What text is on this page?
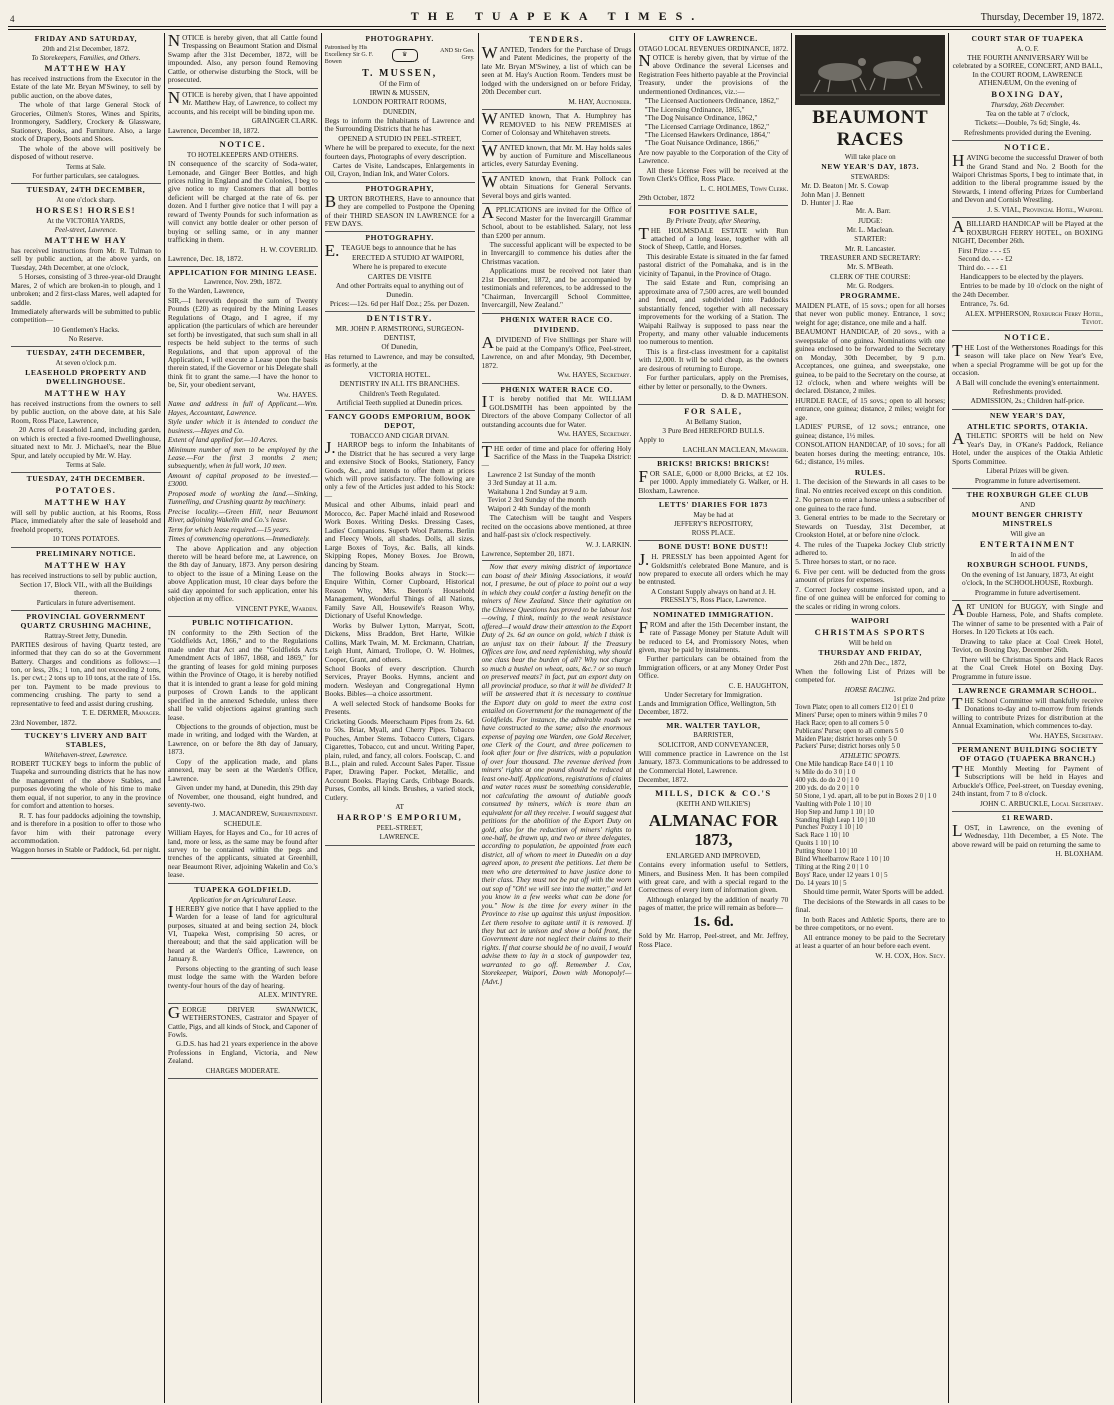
4	THE TUAPEKA TIMES.	Thursday, December 19, 1872.
FRIDAY AND SATURDAY,
20th and 21st December, 1872.
To Storekeepers, Families, and Others.
MATTHEW HAY

has received instructions from the Executor in the Estate of the late Mr. Bryan M'Swiney, to sell by public auction, on the above dates,

The whole of that large General Stock of Groceries, Oilmen's Stores, Wines and Spirits, Ironmongery, Saddlery, Crockery & Glassware, Stationery, Books, and Furniture. Also, a large stock of Drapery, Boots and Shoes.

The whole of the above will positively be disposed of without reserve.

Terms at Sale.
For further particulars, see catalogues.
TUESDAY, 24TH DECEMBER,
At one o'clock sharp.
HORSES! HORSES!
At the VICTORIA YARDS,
Peel-street, Lawrence.
MATTHEW HAY

has received instructions from Mr. R. Tulman to sell by public auction, at the above yards, on Tuesday, 24th December, at one o'clock,

5 Horses, consisting of 3 three-year-old Draught Mares, 2 of which are broken-in to plough, and 1 unbroken; and 2 first-class Mares, well adapted for saddle.

Immediately afterwards will be submitted to public competition—

10 Gentlemen's Hacks.

No Reserve.
TUESDAY, 24TH DECEMBER,
At seven o'clock p.m.
LEASEHOLD PROPERTY AND DWELLINGHOUSE.
MATTHEW HAY

has received instructions from the owners to sell by public auction, on the above date, at his Sale Room, Ross Place, Lawrence,

20 Acres of Leasehold Land, including garden, on which is erected a five-roomed Dwellinghouse, situated next to Mr. J. Michael's, near the Blue Spur, and lately occupied by Mr. W. Hay.

Terms at Sale.
TUESDAY, 24TH DECEMBER.
POTATOES.
MATTHEW HAY

will sell by public auction, at his Rooms, Ross Place, immediately after the sale of leasehold and freehold property,

10 TONS POTATOES.

PRELIMINARY NOTICE.
MATTHEW HAY

has received instructions to sell by public auction,

Section 17, Block VII., with all the Buildings thereon.

Particulars in future advertisement.
PROVINCIAL GOVERNMENT QUARTZ CRUSHING MACHINE,
Rattray-Street Jetty, Dunedin.

PARTIES desirous of having Quartz tested, are informed that they can do so at the Government Battery. Charges and conditions as follows:—1 ton, or less, 20s.; 1 ton, and not exceeding 2 tons, 1s. per cwt.; 2 tons up to 10 tons, at the rate of 15s. per ton. Payment to be made previous to commencing crushing. The party to send a representative to feed and assist during crushing.

T. E. DERMER, Manager.
23rd November, 1872.
TUCKEY'S LIVERY AND BAIT STABLES,
Whitehaven-street, Lawrence.

ROBERT TUCKEY begs to inform the public of Tuapeka and surrounding districts that he has now the management of the above Stables, and purposes devoting the whole of his time to make them equal, if not superior, to any in the province for comfort and attention to horses.

R. T. has four paddocks adjoining the township, and is therefore in a position to offer to those who favor him with their patronage every accommodation.

Waggon horses in Stable or Paddock, 6d. per night.

NOTICE is hereby given, that all Cattle found Trespassing on Beaumont Station and Dismal Swamp after the 31st December, 1872, will be impounded. Also, any person found Removing Cattle, or otherwise disturbing the Stock, will be prosecuted.

NOTICE is hereby given, that I have appointed Mr. Matthew Hay, of Lawrence, to collect my accounts, and his receipt will be binding upon me.

GRAINGER CLARK.
Lawrence, December 18, 1872.
NOTICE.
TO HOTELKEEPERS AND OTHERS.

IN consequence of the scarcity of Soda-water, Lemonade, and Ginger Beer Bottles, and high prices ruling in England and the Colonies, I beg to give notice to my Customers that all bottles deficient will be charged at the rate of 6s. per dozen. And I further give notice that I will pay a reward of Twenty Pounds for such information as will convict any bottle dealer or other person of buying or selling same, or in any manner trafficking in them.

H. W. COVERLID.
Lawrence, Dec. 18, 1872.
APPLICATION FOR MINING LEASE.
Lawrence, Nov. 29th, 1872.
To the Warden, Lawrence,

SIR,—I herewith deposit the sum of Twenty Pounds (£20) as required by the Mining Leases Regulations of Otago, and I agree, if my application (the particulars of which are hereunder set forth) be investigated, that such sum shall in all respects be held subject to the terms of such Regulations, and that upon approval of the Application, I will execute a Lease upon the basis therein stated, if the Governor or his Delegate shall think fit to grant the same.—I have the honor to be, Sir, your obedient servant,

Wm. HAYES.

Name and address in full of Applicant.—Wm. Hayes, Accountant, Lawrence.

Style under which it is intended to conduct the business.—Hayes and Co.

Extent of land applied for.—10 Acres.

Minimum number of men to be employed by the Lease.—For the first 3 months 2 men; subsequently, when in full work, 10 men.

Amount of capital proposed to be invested.—£3000.

Proposed mode of working the land.—Sinking, Tunnelling, and Crushing quartz by machinery.

Precise locality.—Green Hill, near Beaumont River, adjoining Wakelin and Co.'s lease.

Term for which lease required.—15 years.

Times of commencing operations.—Immediately.

The above Application and any objection thereto will be heard before me, at Lawrence, on the 8th day of January, 1873. Any person desiring to object to the issue of a Mining Lease on the above Application must, 10 clear days before the said day appointed for such application, enter his objection at my office.

VINCENT PYKE, Warden.
PUBLIC NOTIFICATION.

IN conformity to the 29th Section of the "Goldfields Act, 1866," and to the Regulations made under that Act and the "Goldfields Acts Amendment Acts of 1867, 1868, and 1869," for the granting of leases for gold mining purposes within the Province of Otago, it is hereby notified that it is intended to grant a lease for gold mining purposes of Crown Lands to the applicant specified in the annexed Schedule, unless there shall be valid objections against granting such lease.

Objections to the grounds of objection, must be made in writing, and lodged with the Warden, at Lawrence, on or before the 8th day of January, 1873.

Copy of the application made, and plans annexed, may be seen at the Warden's Office, Lawrence.

Given under my hand, at Dunedin, this 29th day of November, one thousand, eight hundred, and seventy-two.

J. MACANDREW, Superintendent.
SCHEDULE.

William Hayes, for Hayes and Co., for 10 acres of land, more or less, as the same may be found after survey to be contained within the pegs and trenches of the applicants, situated at Greenhill, near Beaumont River, adjoining Wakelin and Co.'s lease.

TUAPEKA GOLDFIELD.
Application for an Agricultural Lease.

IHEREBY give notice that I have applied to the Warden for a lease of land for agricultural purposes, situated at and being section 24, block VI, Tuapeka West, comprising 50 acres, or thereabout; and that the said application will be heard at the Warden's Office, Lawrence, on January 8.

Persons objecting to the granting of such lease must lodge the same with the Warden before twenty-four hours of the day of hearing.

ALEX. M'INTYRE.

GEORGE DRIVER SWANWICK, WETHERSTONES, Castrator and Spayer of Cattle, Pigs, and all kinds of Stock, and Caponer of Fowls.

G.D.S. has had 21 years experience in the above Professions in England, Victoria, and New Zealand.

CHARGES MODERATE.
PHOTOGRAPHY.
Patronised by His Excellency Sir G. F. Bowen
♛
AND Sir Geo. Grey.
T. MUSSEN,
Of the Firm of
IRWIN & MUSSEN,
LONDON PORTRAIT ROOMS,
DUNEDIN,

Begs to inform the Inhabitants of Lawrence and the Surrounding Districts that he has

OPENED A STUDIO IN PEEL-STREET,

Where he will be prepared to execute, for the next fourteen days, Photographs of every description.

Cartes de Visite, Landscapes, Enlargements in Oil, Crayon, Indian Ink, and Water Colors.

PHOTOGRAPHY,

BURTON BROTHERS, Have to announce that they are compelled to Postpone the Opening of their THIRD SEASON IN LAWRENCE for a FEW DAYS.

PHOTOGRAPHY.

E.TEAGUE begs to announce that he has

ERECTED A STUDIO AT WAIPORI,

Where he is prepared to execute

CARTES DE VISITE

And other Portraits equal to anything out of Dunedin.

Prices:—12s. 6d per Half Doz.; 25s. per Dozen.

DENTISTRY.

MR. JOHN P. ARMSTRONG, SURGEON-DENTIST,

Of Dunedin,

Has returned to Lawrence, and may be consulted, as formerly, at the

VICTORIA HOTEL.

DENTISTRY IN ALL ITS BRANCHES.

Children's Teeth Regulated.

Artificial Teeth supplied at Dunedin prices.

FANCY GOODS EMPORIUM, BOOK DEPOT,
TOBACCO AND CIGAR DIVAN.

J.HARROP begs to inform the Inhabitants of the District that he has secured a very large and extensive Stock of Books, Stationery, Fancy Goods, &c., and intends to offer them at prices which will prove satisfactory. The following are only a few of the Articles just added to his Stock:—

Musical and other Albums, inlaid pearl and Morocco, &c. Paper Maché inlaid and Rosewood Work Boxes. Writing Desks. Dressing Cases, Ladies' Companions. Superb Wool Patterns. Berlin and Fleecy Wools, all shades. Dolls, all sizes. Large Boxes of Toys, &c. Balls, all kinds. Skipping Ropes, Money Boxes. Joe Brown, dancing by Steam.

The following Books always in Stock:—Enquire Within, Corner Cupboard, Historical Reason Why, Mrs. Beeton's Household Management, Wonderful Things of all Nations, Family Save All, Housewife's Reason Why, Dictionary of Useful Knowledge.

Works by Bulwer Lytton, Marryat, Scott, Dickens, Miss Braddon, Bret Harte, Wilkie Collins, Mark Twain, M. M. Erckmann, Chatrian, Leigh Hunt, Aimard, Trollope, O. W. Holmes, Cooper, Grant, and others.

School Books of every description. Church Services, Prayer Books. Hymns, ancient and modern. Wesleyan and Congregational Hymn Books. Bibles—a choice assortment.

A well selected Stock of handsome Books for Presents.

Cricketing Goods. Meerschaum Pipes from 2s. 6d. to 50s. Briar, Myall, and Cherry Pipes. Tobacco Pouches, Amber Stems. Tobacco Cutters, Cigars. Cigarettes, Tobacco, cut and uncut. Writing Paper, plain, ruled, and fancy, all colors. Foolscap, C. and B.L., plain and ruled. Account Sales Paper. Tissue Paper, Drawing Paper. Pocket, Metallic, and Account Books. Playing Cards, Cribbage Boards. Purses, Combs, all kinds. Brushes, a varied stock, Cutlery.

AT
HARROP'S EMPORIUM,
PEEL-STREET,
LAWRENCE.
TENDERS.

WANTED, Tenders for the Purchase of Drugs and Patent Medicines, the property of the late Mr. Bryan M'Swiney, a list of which can be seen at M. Hay's Auction Room. Tenders must be lodged with the undersigned on or before Friday, 20th December curt.

M. HAY, Auctioneer.

WANTED known, That A. Humphrey has REMOVED to his NEW PREMISES at Corner of Colonsay and Whitehaven streets.

WANTED known, that Mr. M. Hay holds sales by auction of Furniture and Miscellaneous articles, every Saturday Evening.

WANTED known, that Frank Pollock can obtain Situations for General Servants. Several boys and girls wanted.

APPLICATIONS are invited for the Office of Second Master for the Invercargill Grammar School, about to be established. Salary, not less than £200 per annum.

The successful applicant will be expected to be in Invercargill to commence his duties after the Christmas vacation.

Applications must be received not later than 21st December, 1872, and be accompanied by testimonials and references, to be addressed to the "Chairman, Invercargill School Committee, Invercargill, New Zealand."

PHŒNIX WATER RACE CO.
DIVIDEND.

ADIVIDEND of Five Shillings per Share will be paid at the Company's Office, Peel-street, Lawrence, on and after Monday, 9th December, 1872.

Wm. HAYES, Secretary.
PHŒNIX WATER RACE CO.

IT is hereby notified that Mr. WILLIAM GOLDSMITH has been appointed by the Directors of the above Company Collector of all outstanding accounts due for Water.

Wm. HAYES, Secretary.

THE order of time and place for offering Holy Sacrifice of the Mass in the Tuapeka District:—

Lawrence 2 1st Sunday of the month
3 3rd Sunday at 11 a.m.
Waitahuna 1 2nd Sunday at 9 a.m.
Teviot 2 3rd Sunday of the month
Waipori 2 4th Sunday of the month

The Catechism will be taught and Vespers recited on the occasions above mentioned, at three and half-past six o'clock respectively.

W. J. LARKIN.
Lawrence, September 20, 1871.

Now that every mining district of importance can boast of their Mining Associations, it would not, I presume, be out of place to point out a way in which they could confer a lasting benefit on the miners of New Zealand. Since their agitation on the Chinese Questions has proved to be labour lost—owing, I think, mainly to the weak resistance offered—I would draw their attention to the Export Duty of 2s. 6d an ounce on gold, which I think is an unjust tax on their labour. If the Treasury Offices are low, and need replenishing, why should one class bear the burden of all? Why not charge so much a bushel on wheat, oats, &c.? or so much on preserved meats? in fact, put an export duty on all provincial produce, so that it will be divided? It will be answered that it is necessary to continue the Export duty on gold to meet the extra cost entailed on Government for the management of the Goldfields. For instance, the admirable roads we have constructed to the same; also the enormous expense of paying one Warden, one Gold Receiver, one Clerk of the Court, and three policemen to look after four or five districts, with a population of over four thousand. The revenue derived from miners' rights at one pound should be reduced at least one-half. Applications, registrations of claims and water races must be something considerable, not calculating the amount of dutiable goods consumed by miners, which is more than an equivalent for all they receive. I would suggest that petitions for the abolition of the Export Duty on gold, also for the reduction of miners' rights to one-half, be drawn up, and two or three delegates, according to population, be appointed from each district, all of whom to meet in Dunedin on a day agreed upon, to present the petitions. Let them be men who are determined to have justice done to their class. They must not be put off with the worn out sop of "Oh! we will see into the matter," and let you know in a few weeks what can be done for you." Now is the time for every miner in the Province to rise up against this unjust imposition. Let them resolve to agitate until it is removed. If they but act in unison and show a bold front, the Government dare not neglect their claims to their rights. If that course should be of no avail, I would advise them to lay in a stock of gunpowder tea, warranted to go off. Remember J. Cox, Storekeeper, Waipori, Down with Monopoly!—[Advt.]

CITY OF LAWRENCE.
OTAGO LOCAL REVENUES ORDINANCE, 1872.

NOTICE is hereby given, that by virtue of the above Ordinance the several Licenses and Registration Fees hitherto payable at the Provincial Treasury, under the provisions of the undermentioned Ordinances, viz.:—

"The Licensed Auctioneers Ordinance, 1862,"
"The Licensing Ordinance, 1865,"
"The Dog Nuisance Ordinance, 1862,"
"The Licensed Carriage Ordinance, 1862,"
"The Licensed Hawkers Ordinance, 1864,"
"The Goat Nuisance Ordinance, 1866,"

Are now payable to the Corporation of the City of Lawrence.

All these License Fees will be received at the Town Clerk's Office, Ross Place.

L. C. HOLMES, Town Clerk.
29th October, 1872
FOR POSITIVE SALE,
By Private Treaty, after Shearing,

THE HOLMSDALE ESTATE with Run attached of a long lease, together with all Stock of Sheep, Cattle, and Horses.

This desirable Estate is situated in the far famed pastoral district of the Pomahaka, and is in the vicinity of Tapanui, in the Province of Otago.

The said Estate and Run, comprising an approximate area of 7,500 acres, are well bounded and fenced, and subdivided into Paddocks substantially fenced, together with all necessary improvements for the working of a Station. The Waipahi Railway is supposed to pass near the Property, and many other valuable inducements too numerous to mention.

This is a first-class investment for a capitalist with 12,000. It will be sold cheap, as the owners are desirous of returning to Europe.

For further particulars, apply on the Premises, either by letter or personally, to the Owners.

D. & D. MATHESON.
FOR SALE,
At Bellamy Station,

3 Pure Bred HEREFORD BULLS.

Apply to

LACHLAN MACLEAN, Manager.
BRICKS! BRICKS! BRICKS!

FOR SALE, 6,000 or 8,000 Bricks, at £2 10s. per 1000. Apply immediately G. Walker, or H. Bloxham, Lawrence.

LETTS' DIARIES FOR 1873
May be had at
JEFFERY'S REPOSITORY,
ROSS PLACE.
BONE DUST! BONE DUST!!

J.H. PRESSLY has been appointed Agent for Goldsmith's celebrated Bone Manure, and is now prepared to execute all orders which he may be entrusted.

A Constant Supply always on hand at J. H. PRESSLY'S, Ross Place, Lawrence.

NOMINATED IMMIGRATION.

FROM and after the 15th December instant, the rate of Passage Money per Statute Adult will be reduced to £4, and Promissory Notes, when given, may be paid by instalments.

Further particulars can be obtained from the Immigration officers, or at any Money Order Post Office.

C. E. HAUGHTON,
Under Secretary for Immigration.
Lands and Immigration Office, Wellington, 5th December, 1872.
MR. WALTER TAYLOR,
BARRISTER,
SOLICITOR, AND CONVEYANCER,

Will commence practice in Lawrence on the 1st January, 1873. Communications to be addressed to the Commercial Hotel, Lawrence.

December, 1872.
MILLS, DICK & CO.'S
(KEITH AND WILKIE'S)
ALMANAC FOR 1873,
ENLARGED AND IMPROVED,

Contains every information useful to Settlers, Miners, and Business Men. It has been compiled with great care, and with a special regard to the Correctness of every item of information given.

Although enlarged by the addition of nearly 70 pages of matter, the price will remain as before—

1s. 6d.

Sold by Mr. Harrop, Peel-street, and Mr. Jeffrey, Ross Place.

BEAUMONT RACES
Will take place on
NEW YEAR'S DAY, 1873.
STEWARDS:
Mr. D. Beaton | Mr. S. Cowap
John Man | J. Bennett
D. Hunter | J. Rae
Mr. A. Barr.
JUDGE:
Mr. L. Maclean.
STARTER:
Mr. R. Lancaster.
TREASURER AND SECRETARY:
Mr. S. M'Beath.
CLERK OF THE COURSE:
Mr. G. Rodgers.
PROGRAMME.

MAIDEN PLATE, of 15 sovs.; open for all horses that never won public money. Entrance, 1 sov.; weight for age; distance, one mile and a half.

BEAUMONT HANDICAP, of 20 sovs., with a sweepstake of one guinea. Nominations with one guinea enclosed to be forwarded to the Secretary on Monday, 30th December, by 9 p.m. Acceptances, one guinea, and sweepstake, one guinea, to be paid to the Secretary on the course, at 12 o'clock, when and where weights will be declared. Distance, 2 miles.

HURDLE RACE, of 15 sovs.; open to all horses; entrance, one guinea; distance, 2 miles; weight for age.

LADIES' PURSE, of 12 sovs.; entrance, one guinea; distance, 1½ miles.

CONSOLATION HANDICAP, of 10 sovs.; for all beaten horses during the meeting; entrance, 10s. 6d.; distance, 1½ miles.

RULES.

1. The decision of the Stewards in all cases to be final. No entries received except on this condition.

2. No person to enter a horse unless a subscriber of one guinea to the race fund.

3. General entries to be made to the Secretary or Stewards on Tuesday, 31st December, at Crookston Hotel, at or before nine o'clock.

4. The rules of the Tuapeka Jockey Club strictly adhered to.

5. Three horses to start, or no race.

6. Five per cent. will be deducted from the gross amount of prizes for expenses.

7. Correct Jockey costume insisted upon, and a fine of one guinea will be enforced for coming to the scales or riding in wrong colors.

WAIPORI
CHRISTMAS SPORTS
Will be held on
THURSDAY AND FRIDAY,
26th and 27th Dec., 1872,

When the following List of Prizes will be competed for.

HORSE RACING.
1st prize 2nd prize
Town Plate; open to all comers £12 0 | £1 0
Miners' Purse; open to miners within 9 miles 7 0
Hack Race; open to all comers 5 0
Publicans' Purse; open to all comers 5 0
Maiden Plate; district horses only 5 0
Packers' Purse; district horses only 5 0
ATHLETIC SPORTS.
One Mile handicap Race £4 0 | 1 10
¼ Mile do do 3 0 | 1 0
400 yds. do do 2 0 | 1 0
200 yds. do do 2 0 | 1 0
50 Stone, 1 yd. apart, all to be put in Boxes 2 0 | 1 0
Vaulting with Pole 1 10 | 10
Hop Step and Jump 1 10 | 10
Standing High Leap 1 10 | 10
Punches' Pozzy 1 10 | 10
Sack Race 1 10 | 10
Quoits 1 10 | 10
Putting Stone 1 10 | 10
Blind Wheelbarrow Race 1 10 | 10
Tilting at the Ring 2 0 | 1 0
Boys' Race, under 12 years 1 0 | 5
Do. 14 years 10 | 5

Should time permit, Water Sports will be added.

The decisions of the Stewards in all cases to be final.

In both Races and Athletic Sports, there are to be three competitors, or no event.

All entrance money to be paid to the Secretary at least a quarter of an hour before each event.

W. H. COX, Hon. Secy.
COURT STAR OF TUAPEKA
A. O. F.

THE FOURTH ANNIVERSARY Will be celebrated by a SOIREE, CONCERT, AND BALL, In the COURT ROOM, LAWRENCE ATHENÆUM, On the evening of

BOXING DAY,
Thursday, 26th December.

Tea on the table at 7 o'clock,

Tickets:—Double, 7s 6d; Single, 4s.

Refreshments provided during the Evening.

NOTICE.

HAVING become the successful Drawer of both the Grand Stand and No. 2 Booth for the Waipori Christmas Sports, I beg to intimate that, in addition to the liberal programme issued by the Stewards, I intend offering Prizes for Cumberland and Devon and Cornish Wrestling.

J. S. VIAL, Provincial Hotel, Waipori.

ABILLIARD HANDICAP will be Played at the ROXBURGH FERRY HOTEL, on BOXING NIGHT, December 26th.

First Prize - - - £5
Second do. - - - £2
Third do. - - - £1

Handicappers to be elected by the players.

Entries to be made by 10 o'clock on the night of the 24th December.

Entrance, 7s. 6d.

ALEX. M'PHERSON, Roxburgh Ferry Hotel, Teviot.
NOTICE.

THE Lost of the Wetherstones Roadings for this season will take place on New Year's Eve, when a special Programme will be got up for the occasion.

A Ball will conclude the evening's entertainment.

Refreshments provided.

ADMISSION, 2s.; Children half-price.

NEW YEAR'S DAY,
ATHLETIC SPORTS, OTAKIA.

ATHLETIC SPORTS will be held on New Year's Day, in O'Kane's Paddock, Reliance Hotel, under the auspices of the Otakia Athletic Sports Committee.

Liberal Prizes will be given.

Programme in future advertisement.

THE ROXBURGH GLEE CLUB
AND
MOUNT BENGER CHRISTY MINSTRELS
Will give an
ENTERTAINMENT
In aid of the
ROXBURGH SCHOOL FUNDS,

On the evening of 1st January, 1873, At eight o'clock, In the SCHOOLHOUSE, Roxburgh.

Programme in future advertisement.

ART UNION for BUGGY, with Single and Double Harness, Pole, and Shafts complete. The winner of same to be presented with a Pair of Horses. In 120 Tickets at 10s each.

Drawing to take place at Coal Creek Hotel, Teviot, on Boxing Day, December 26th.

There will be Christmas Sports and Hack Races at the Coal Creek Hotel on Boxing Day. Programme in future issue.

LAWRENCE GRAMMAR SCHOOL.

THE School Committee will thankfully receive Donations to-day and to-morrow from friends willing to contribute Prizes for distribution at the Annual Examination, which commences to-day.

Wm. HAYES, Secretary.
PERMANENT BUILDING SOCIETY OF OTAGO (TUAPEKA BRANCH.)

THE Monthly Meeting for Payment of Subscriptions will be held in Hayes and Arbuckle's Office, Peel-street, on Tuesday evening, 24th instant, from 7 to 8 o'clock.

JOHN C. ARBUCKLE, Local Secretary.
£1 REWARD.

LOST, in Lawrence, on the evening of Wednesday, 11th December, a £5 Note. The above reward will be paid on returning the same to

H. BLOXHAM.
